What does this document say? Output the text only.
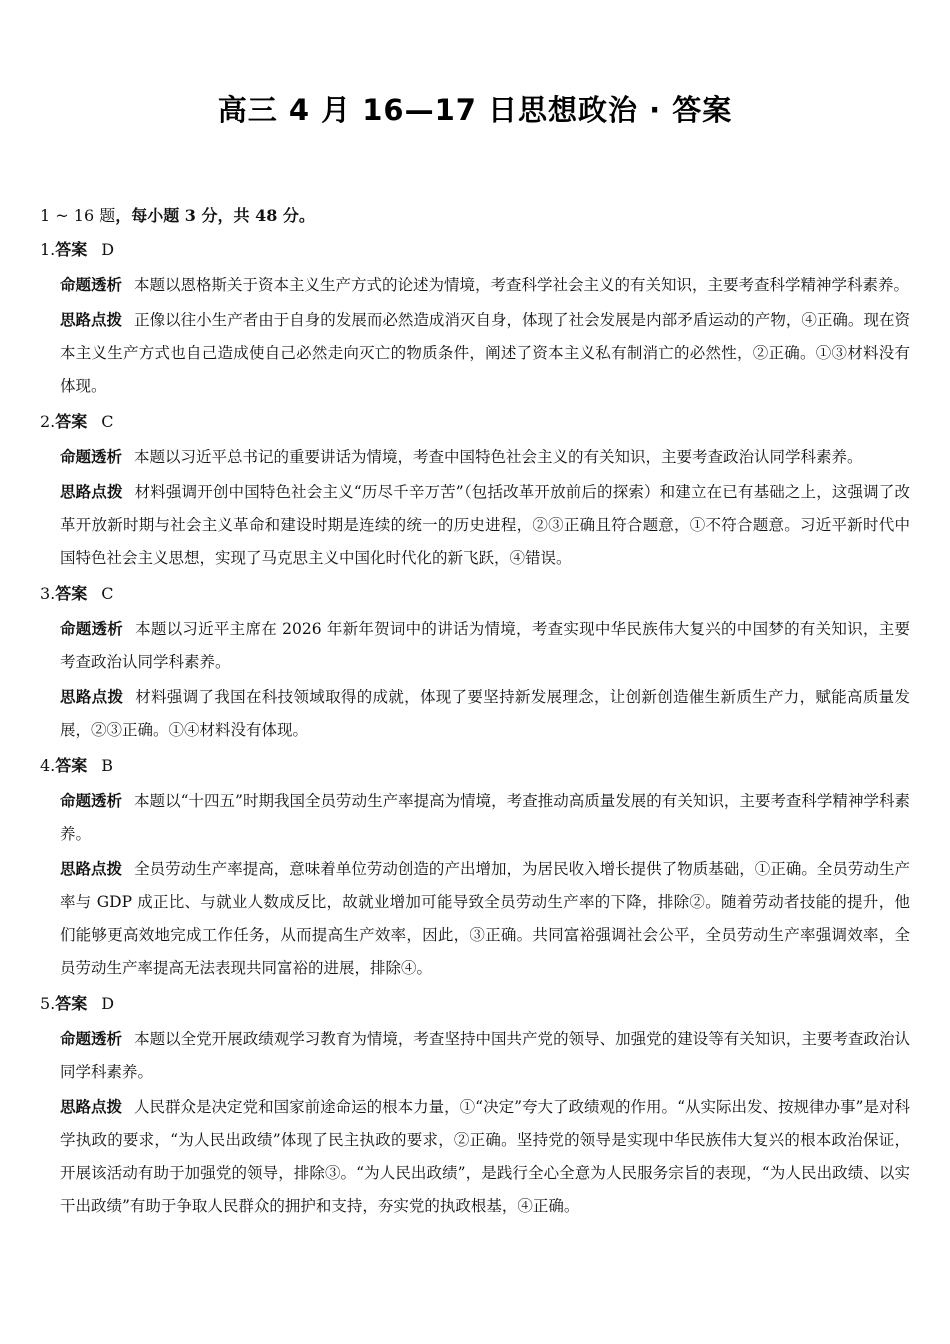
高三 4 月 16—17 日思想政治 · 答案
1 ~ 16 题，每小题 3 分，共 48 分。
1.答案 D
命题透析 本题以恩格斯关于资本主义生产方式的论述为情境，考查科学社会主义的有关知识，主要考查科学精神学科素养。
思路点拨 正像以往小生产者由于自身的发展而必然造成消灭自身，体现了社会发展是内部矛盾运动的产物，④正确。现在资本主义生产方式也自己造成使自己必然走向灭亡的物质条件，阐述了资本主义私有制消亡的必然性，②正确。①③材料没有体现。
2.答案 C
命题透析 本题以习近平总书记的重要讲话为情境，考查中国特色社会主义的有关知识，主要考查政治认同学科素养。
思路点拨 材料强调开创中国特色社会主义“历尽千辛万苦”（包括改革开放前后的探索）和建立在已有基础之上，这强调了改革开放新时期与社会主义革命和建设时期是连续的统一的历史进程，②③正确且符合题意，①不符合题意。习近平新时代中国特色社会主义思想，实现了马克思主义中国化时代化的新飞跃，④错误。
3.答案 C
命题透析 本题以习近平主席在 2026 年新年贺词中的讲话为情境，考查实现中华民族伟大复兴的中国梦的有关知识，主要考查政治认同学科素养。
思路点拨 材料强调了我国在科技领域取得的成就，体现了要坚持新发展理念，让创新创造催生新质生产力，赋能高质量发展，②③正确。①④材料没有体现。
4.答案 B
命题透析 本题以“十四五”时期我国全员劳动生产率提高为情境，考查推动高质量发展的有关知识，主要考查科学精神学科素养。
思路点拨 全员劳动生产率提高，意味着单位劳动创造的产出增加，为居民收入增长提供了物质基础，①正确。全员劳动生产率与 GDP 成正比、与就业人数成反比，故就业增加可能导致全员劳动生产率的下降，排除②。随着劳动者技能的提升，他们能够更高效地完成工作任务，从而提高生产效率，因此，③正确。共同富裕强调社会公平，全员劳动生产率强调效率，全员劳动生产率提高无法表现共同富裕的进展，排除④。
5.答案 D
命题透析 本题以全党开展政绩观学习教育为情境，考查坚持中国共产党的领导、加强党的建设等有关知识，主要考查政治认同学科素养。
思路点拨 人民群众是决定党和国家前途命运的根本力量，①“决定”夸大了政绩观的作用。“从实际出发、按规律办事”是对科学执政的要求，“为人民出政绩”体现了民主执政的要求，②正确。坚持党的领导是实现中华民族伟大复兴的根本政治保证，开展该活动有助于加强党的领导，排除③。“为人民出政绩”，是践行全心全意为人民服务宗旨的表现，“为人民出政绩、以实干出政绩”有助于争取人民群众的拥护和支持，夯实党的执政根基，④正确。
